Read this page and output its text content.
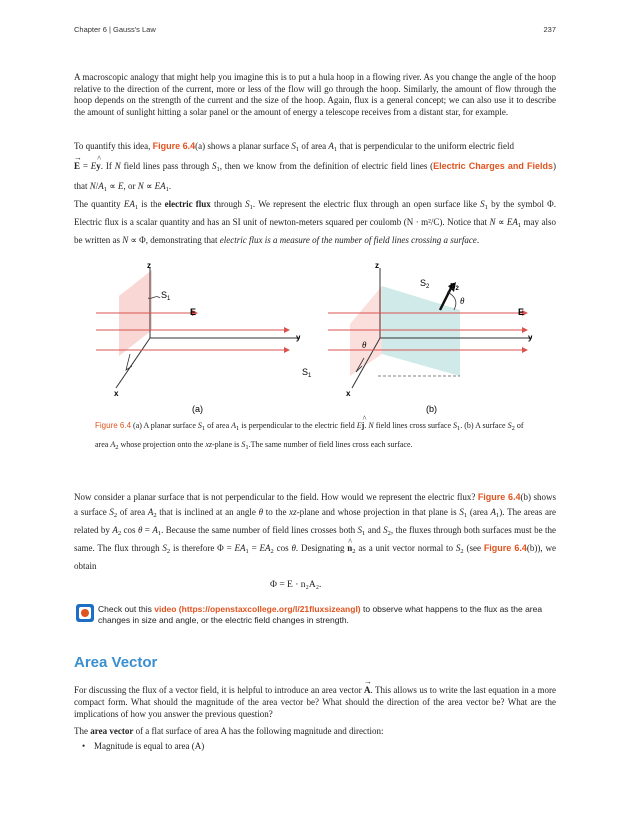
Chapter 6 | Gauss's Law	237

A macroscopic analogy that might help you imagine this is to put a hula hoop in a flowing river. As you change the angle of the hoop relative to the direction of the current, more or less of the flow will go through the hoop. Similarly, the amount of flow through the hoop depends on the strength of the current and the size of the hoop. Again, flux is a general concept; we can also use it to describe the amount of sunlight hitting a solar panel or the amount of energy a telescope receives from a distant star, for example.

To quantify this idea, Figure 6.4(a) shows a planar surface $S_1$ of area $A_1$ that is perpendicular to the uniform electric field
→ E = E^ y. If N field lines pass through $S_1$, then we know from the definition of electric field lines (Electric Charges and Fields) that $N/A_1 \propto E$, or $N \propto EA_1$.

The quantity $EA_1$ is the electric flux through $S_1$. We represent the electric flux through an open surface like $S_1$ by the symbol Φ. Electric flux is a scalar quantity and has an SI unit of newton-meters squared per coulomb (N · m²/C). Notice that $N \propto EA_1$ may also be written as N ∝ Φ, demonstrating that electric flux is a measure of the number of field lines crossing a surface.

z
y
x
$S_1$
E
(a)
z
y
x
$S_2$ $n_2$
θ
θ
E
$S_1$
(b)

Figure 6.4 (a) A planar surface $S_1$ of area $A_1$ is perpendicular to the electric field E^ j. N field lines cross surface $S_1$. (b) A surface $S_2$ of area $A_2$ whose projection onto the xz-plane is $S_1.The$ same number of field lines cross each surface.

Now consider a planar surface that is not perpendicular to the field. How would we represent the electric flux? Figure 6.4(b) shows a surface $S_2$ of area $A_2$ that is inclined at an angle θ to the xz-plane and whose projection in that plane is $S_1$ (area $A_1$). The areas are related by $A_2$ $\cos \theta = A_1$. Because the same number of field lines crosses both $S_1$ and $S_2$, the fluxes through both surfaces must be the same. The flux through $S_2$ is therefore $\Phi = EA_1 = EA_2$ cos θ. Designating ^ $n_2$ as a unit vector normal to $S_2$ (see Figure 6.4(b)), we obtain

Φ = E · n₂A₂.

Check out this video (https://openstaxcollege.org/l/21fluxsizeangl) to observe what happens to the flux as the area changes in size and angle, or the electric field changes in strength.

Area Vector

For discussing the flux of a vector field, it is helpful to introduce an area vector → A. This allows us to write the last equation in a more compact form. What should the magnitude of the area vector be? What should the direction of the area vector be? What are the implications of how you answer the previous question?

The area vector of a flat surface of area A has the following magnitude and direction:

• Magnitude is equal to area (A)
